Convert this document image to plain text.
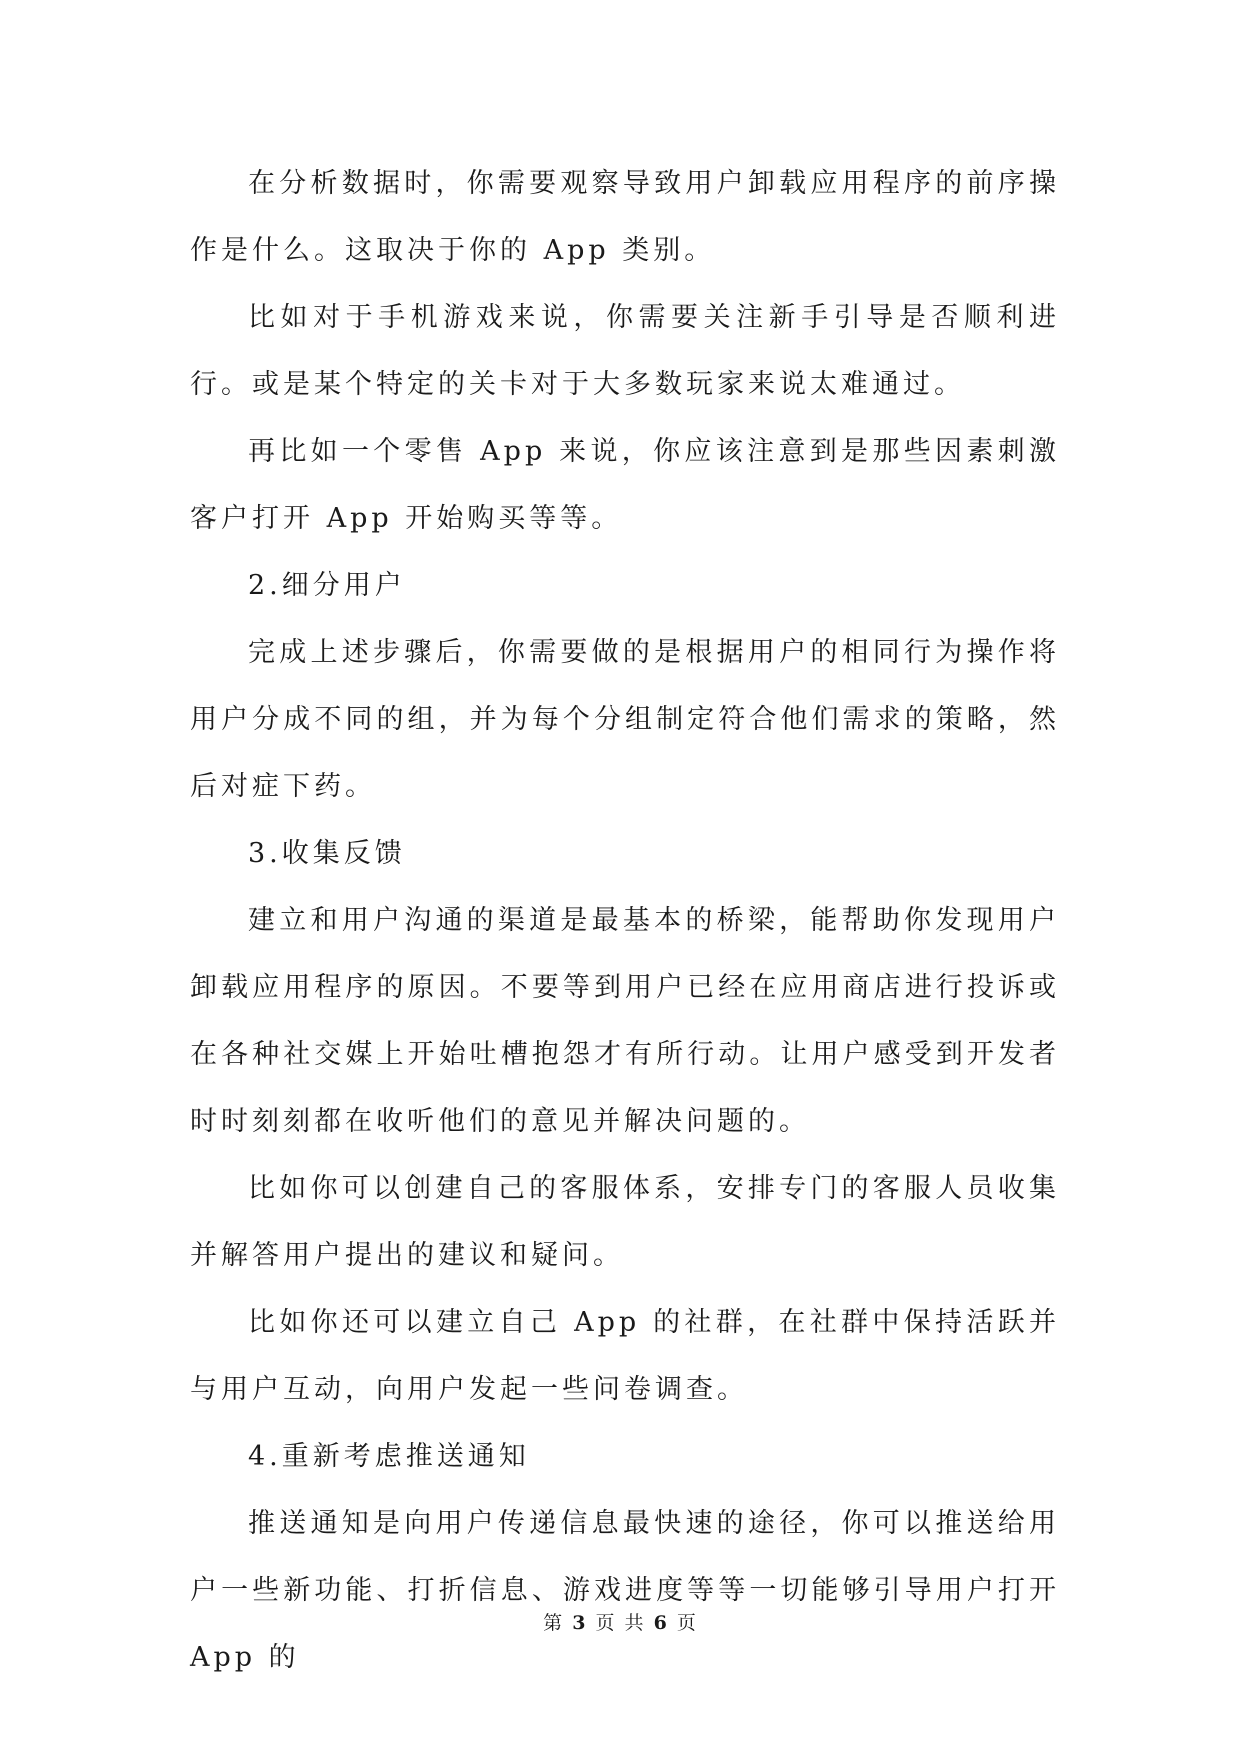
在分析数据时，你需要观察导致用户卸载应用程序的前序操作是什么。这取决于你的 App 类别。

比如对于手机游戏来说，你需要关注新手引导是否顺利进行。或是某个特定的关卡对于大多数玩家来说太难通过。

再比如一个零售 App 来说，你应该注意到是那些因素刺激客户打开 App 开始购买等等。

2.细分用户

完成上述步骤后，你需要做的是根据用户的相同行为操作将用户分成不同的组，并为每个分组制定符合他们需求的策略，然后对症下药。

3.收集反馈

建立和用户沟通的渠道是最基本的桥梁，能帮助你发现用户卸载应用程序的原因。不要等到用户已经在应用商店进行投诉或在各种社交媒上开始吐槽抱怨才有所行动。让用户感受到开发者时时刻刻都在收听他们的意见并解决问题的。

比如你可以创建自己的客服体系，安排专门的客服人员收集并解答用户提出的建议和疑问。

比如你还可以建立自己 App 的社群，在社群中保持活跃并与用户互动，向用户发起一些问卷调查。

4.重新考虑推送通知

推送通知是向用户传递信息最快速的途径，你可以推送给用户一些新功能、打折信息、游戏进度等等一切能够引导用户打开 App 的

第 3 页 共 6 页
